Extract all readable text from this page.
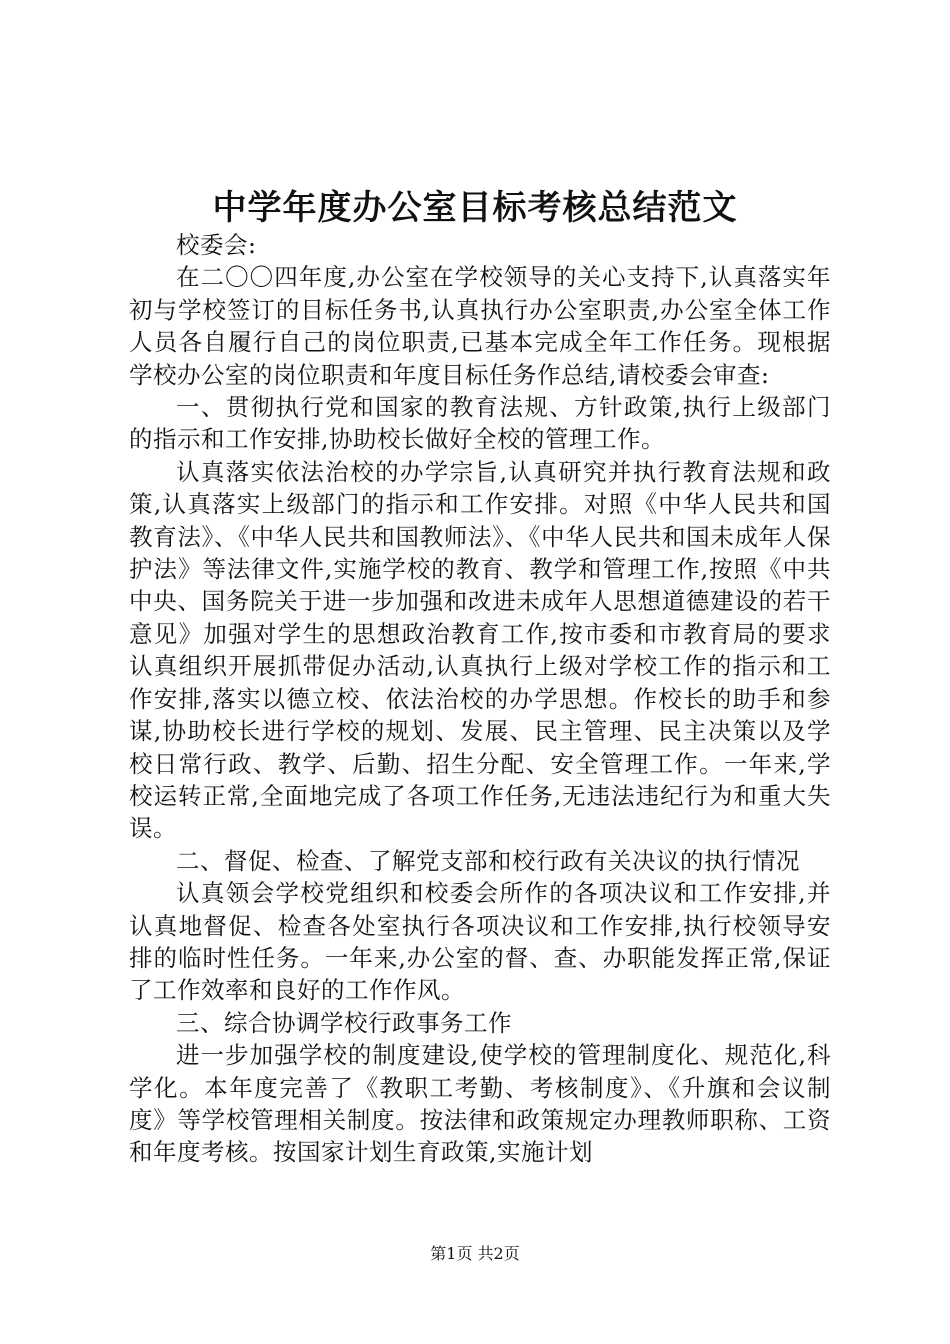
中学年度办公室目标考核总结范文

校委会:

在二〇〇四年度,办公室在学校领导的关心支持下,认真落实年初与学校签订的目标任务书,认真执行办公室职责,办公室全体工作人员各自履行自己的岗位职责,已基本完成全年工作任务。现根据学校办公室的岗位职责和年度目标任务作总结,请校委会审查:

一、贯彻执行党和国家的教育法规、方针政策,执行上级部门的指示和工作安排,协助校长做好全校的管理工作。

认真落实依法治校的办学宗旨,认真研究并执行教育法规和政策,认真落实上级部门的指示和工作安排。对照《中华人民共和国教育法》、《中华人民共和国教师法》、《中华人民共和国未成年人保护法》等法律文件,实施学校的教育、教学和管理工作,按照《中共中央、国务院关于进一步加强和改进未成年人思想道德建设的若干意见》加强对学生的思想政治教育工作,按市委和市教育局的要求认真组织开展抓带促办活动,认真执行上级对学校工作的指示和工作安排,落实以德立校、依法治校的办学思想。作校长的助手和参谋,协助校长进行学校的规划、发展、民主管理、民主决策以及学校日常行政、教学、后勤、招生分配、安全管理工作。一年来,学校运转正常,全面地完成了各项工作任务,无违法违纪行为和重大失误。

二、督促、检查、了解党支部和校行政有关决议的执行情况

认真领会学校党组织和校委会所作的各项决议和工作安排,并认真地督促、检查各处室执行各项决议和工作安排,执行校领导安排的临时性任务。一年来,办公室的督、查、办职能发挥正常,保证了工作效率和良好的工作作风。

三、综合协调学校行政事务工作

进一步加强学校的制度建设,使学校的管理制度化、规范化,科学化。本年度完善了《教职工考勤、考核制度》、《升旗和会议制度》等学校管理相关制度。按法律和政策规定办理教师职称、工资和年度考核。按国家计划生育政策,实施计划

第1页 共2页
